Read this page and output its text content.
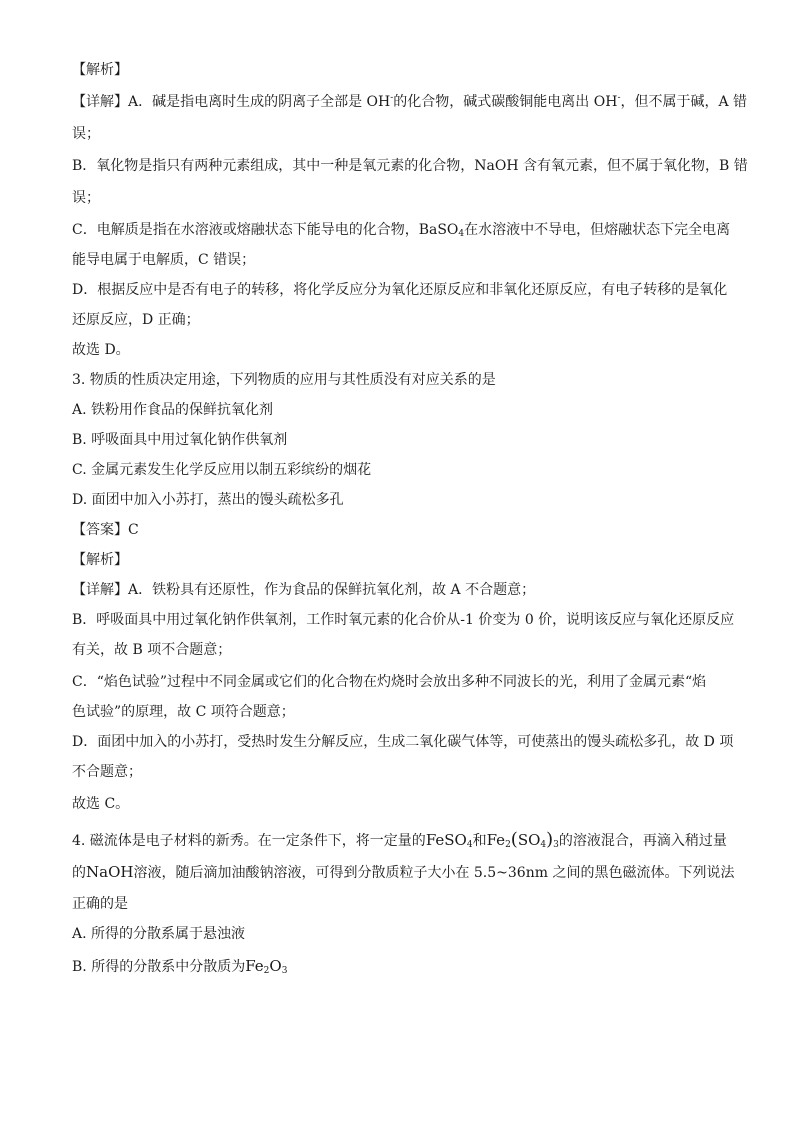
【解析】
【详解】A．碱是指电离时生成的阴离子全部是 OH-的化合物，碱式碳酸铜能电离出 OH-，但不属于碱，A 错
误；
B．氧化物是指只有两种元素组成，其中一种是氧元素的化合物，NaOH 含有氧元素，但不属于氧化物，B 错
误；
C．电解质是指在水溶液或熔融状态下能导电的化合物，BaSO$_4$在水溶液中不导电，但熔融状态下完全电离
能导电属于电解质，C 错误；
D．根据反应中是否有电子的转移，将化学反应分为氧化还原反应和非氧化还原反应，有电子转移的是氧化
还原反应，D 正确；
故选 D。
3. 物质的性质决定用途，下列物质的应用与其性质没有对应关系的是
A. 铁粉用作食品的保鲜抗氧化剂
B. 呼吸面具中用过氧化钠作供氧剂
C. 金属元素发生化学反应用以制五彩缤纷的烟花
D. 面团中加入小苏打，蒸出的馒头疏松多孔
【答案】C
【解析】
【详解】A．铁粉具有还原性，作为食品的保鲜抗氧化剂，故 A 不合题意；
B．呼吸面具中用过氧化钠作供氧剂，工作时氧元素的化合价从-1 价变为 0 价，说明该反应与氧化还原反应
有关，故 B 项不合题意；
C．“焰色试验”过程中不同金属或它们的化合物在灼烧时会放出多种不同波长的光，利用了金属元素“焰
色试验”的原理，故 C 项符合题意；
D．面团中加入的小苏打，受热时发生分解反应，生成二氧化碳气体等，可使蒸出的馒头疏松多孔，故 D 项
不合题意；
故选 C。
4. 磁流体是电子材料的新秀。在一定条件下，将一定量的FeSO$_4$和$Fe_2(SO_4)_3$的溶液混合，再滴入稍过量
的NaOH溶液，随后滴加油酸钠溶液，可得到分散质粒子大小在 5.5~36nm 之间的黑色磁流体。下列说法
正确的是
A. 所得的分散系属于悬浊液
B. 所得的分散系中分散质为$Fe_2O_3$
